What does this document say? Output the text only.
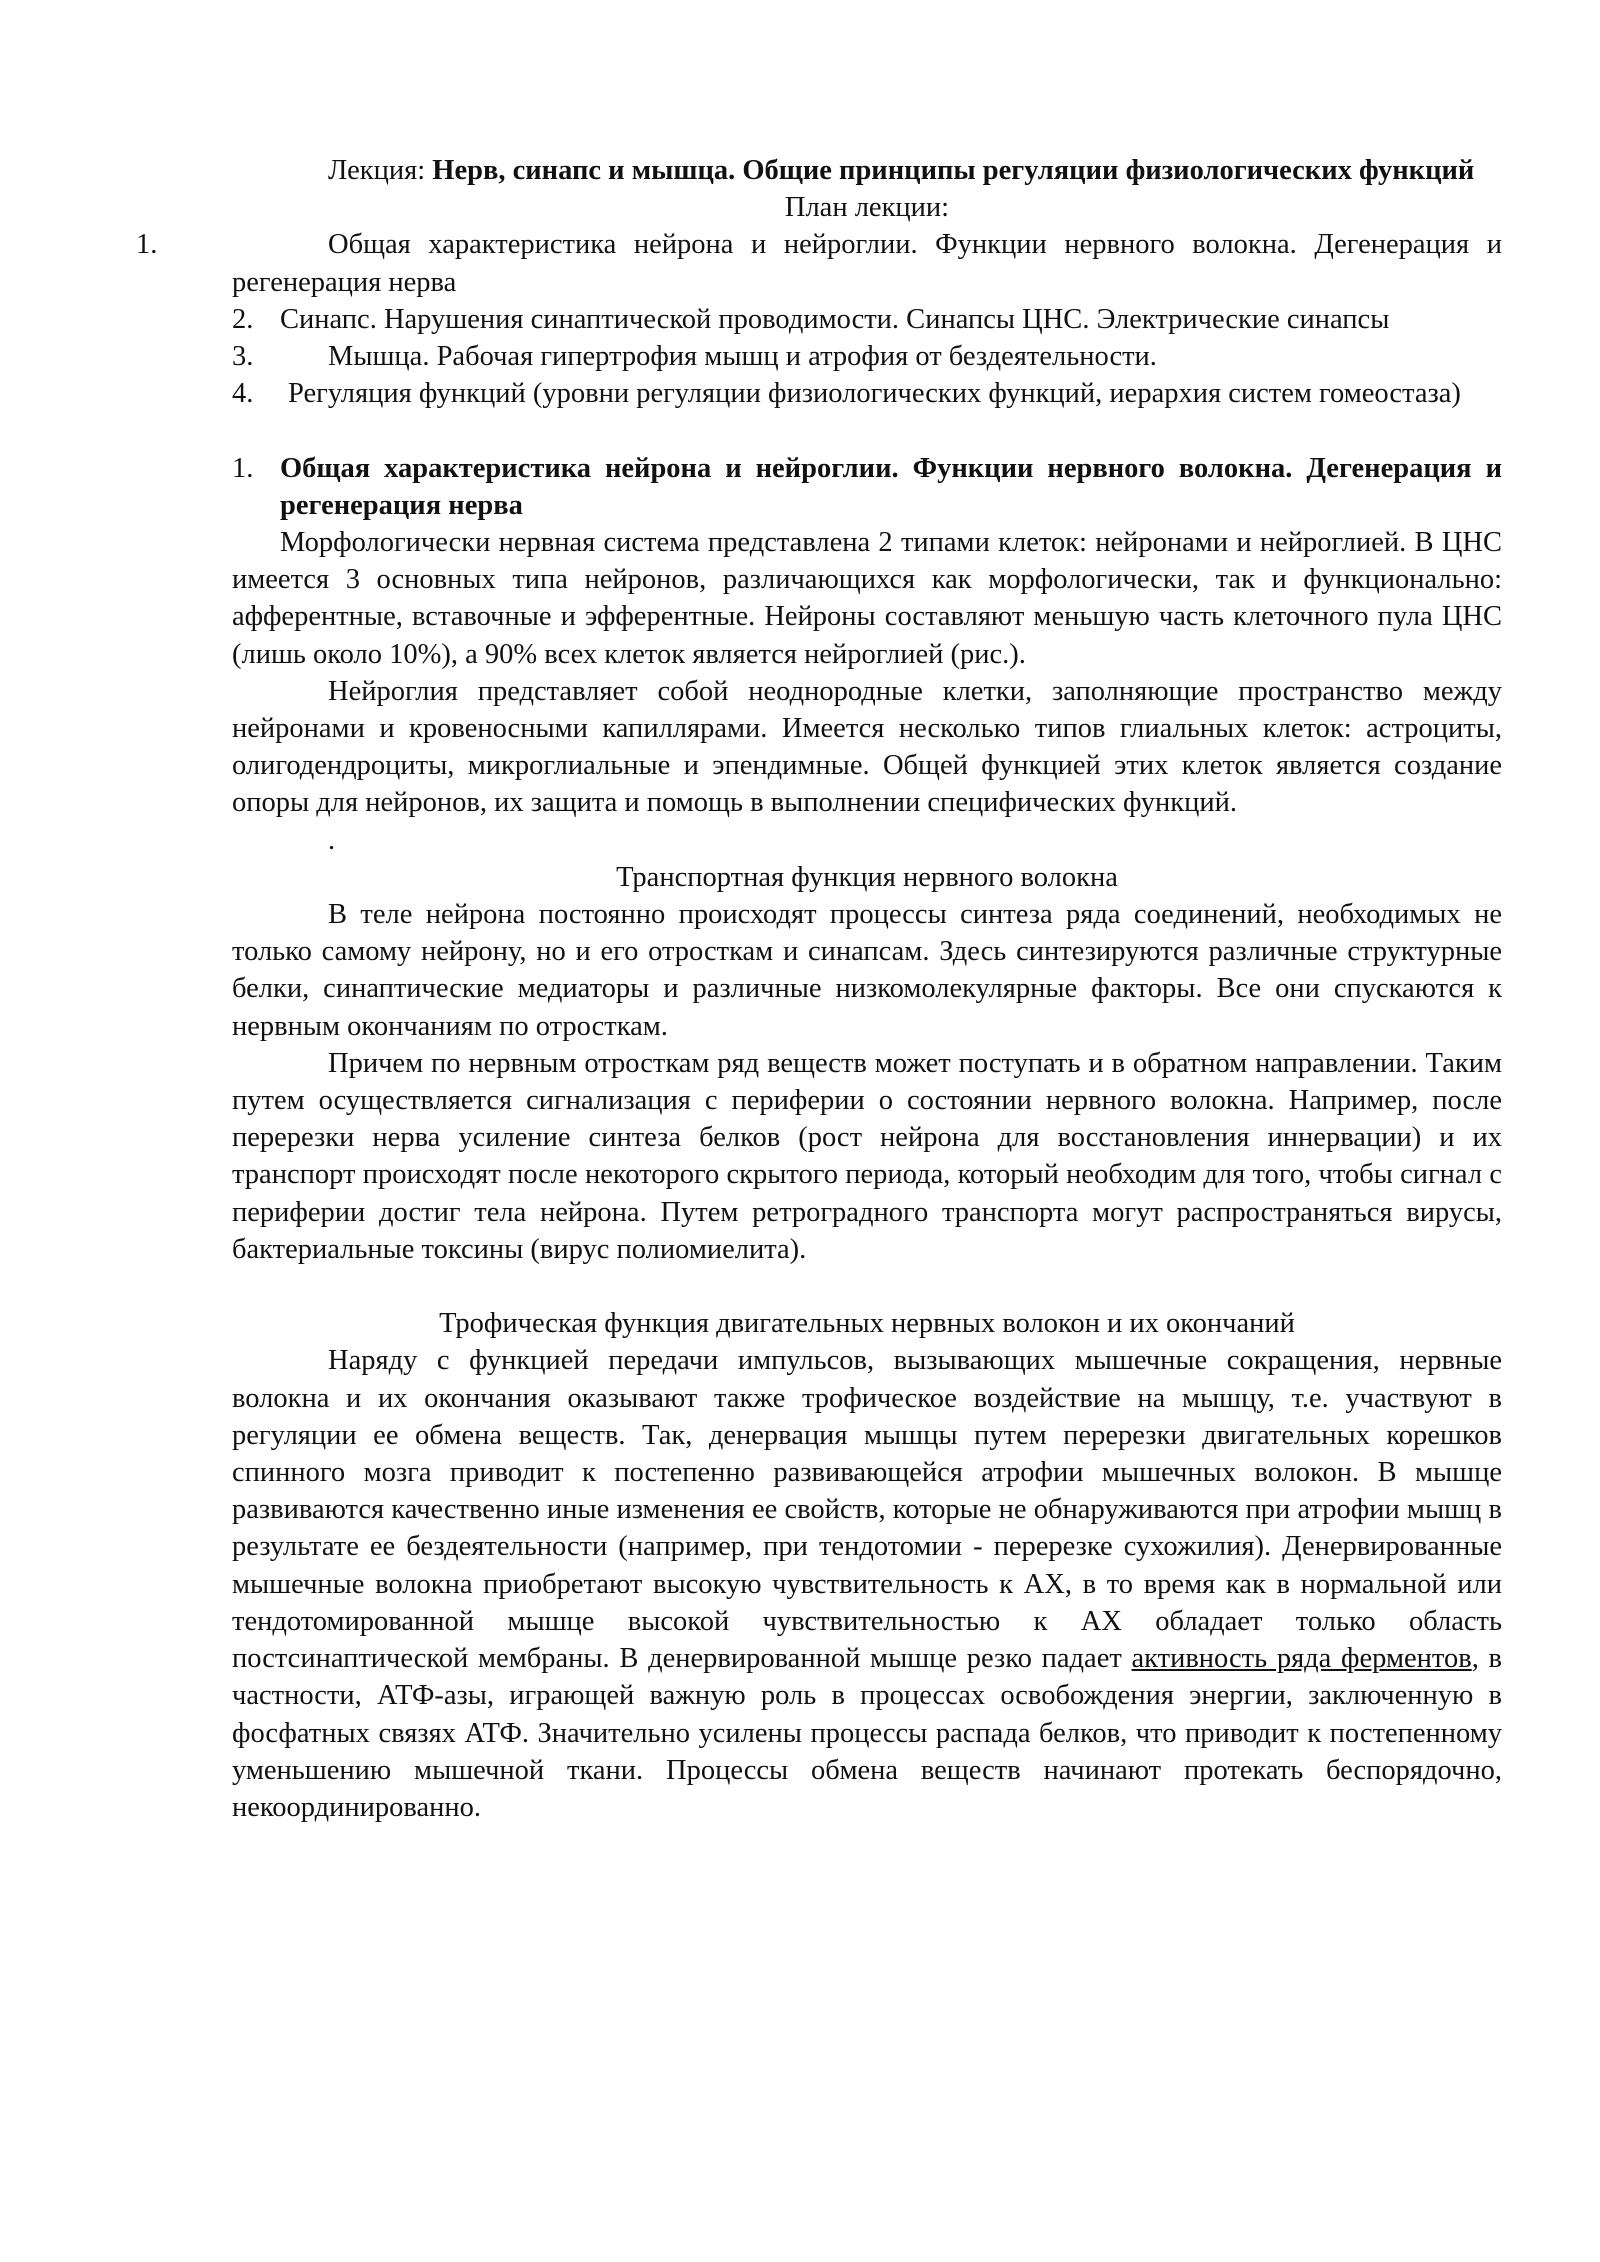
Лекция: Нерв, синапс и мышца. Общие принципы регуляции физиологических функций

План лекции:

1.	Общая характеристика нейрона и нейроглии. Функции нервного волокна. Дегенерация и регенерация нерва

2. Синапс. Нарушения синаптической проводимости. Синапсы ЦНС. Электрические синапсы

3.	Мышца. Рабочая гипертрофия мышц и атрофия от бездеятельности.

4. Регуляция функций (уровни регуляции физиологических функций, иерархия систем гомеостаза)

1. Общая характеристика нейрона и нейроглии. Функции нервного волокна. Дегенерация и регенерация нерва

Морфологически нервная система представлена 2 типами клеток: нейронами и нейроглией. В ЦНС имеется 3 основных типа нейронов, различающихся как морфологически, так и функционально: афферентные, вставочные и эфферентные. Нейроны составляют меньшую часть клеточного пула ЦНС (лишь около 10%), а 90% всех клеток является нейроглией (рис.).

Нейроглия представляет собой неоднородные клетки, заполняющие пространство между нейронами и кровеносными капиллярами. Имеется несколько типов глиальных клеток: астроциты, олигодендроциты, микроглиальные и эпендимные. Общей функцией этих клеток является создание опоры для нейронов, их защита и помощь в выполнении специфических функций.

.

Транспортная функция нервного волокна

В теле нейрона постоянно происходят процессы синтеза ряда соединений, необходимых не только самому нейрону, но и его отросткам и синапсам. Здесь синтезируются различные структурные белки, синаптические медиаторы и различные низкомолекулярные факторы. Все они спускаются к нервным окончаниям по отросткам.

Причем по нервным отросткам ряд веществ может поступать и в обратном направлении. Таким путем осуществляется сигнализация с периферии о состоянии нервного волокна. Например, после перерезки нерва усиление синтеза белков (рост нейрона для восстановления иннервации) и их транспорт происходят после некоторого скрытого периода, который необходим для того, чтобы сигнал с периферии достиг тела нейрона. Путем ретроградного транспорта могут распространяться вирусы, бактериальные токсины (вирус полиомиелита).

Трофическая функция двигательных нервных волокон и их окончаний

Наряду с функцией передачи импульсов, вызывающих мышечные сокращения, нервные волокна и их окончания оказывают также трофическое воздействие на мышцу, т.е. участвуют в регуляции ее обмена веществ. Так, денервация мышцы путем перерезки двигательных корешков спинного мозга приводит к постепенно развивающейся атрофии мышечных волокон. В мышце развиваются качественно иные изменения ее свойств, которые не обнаруживаются при атрофии мышц в результате ее бездеятельности (например, при тендотомии - перерезке сухожилия). Денервированные мышечные волокна приобретают высокую чувствительность к АХ, в то время как в нормальной или тендотомированной мышце высокой чувствительностью к АХ обладает только область постсинаптической мембраны. В денервированной мышце резко падает активность ряда ферментов, в частности, АТФ-азы, играющей важную роль в процессах освобождения энергии, заключенную в фосфатных связях АТФ. Значительно усилены процессы распада белков, что приводит к постепенному уменьшению мышечной ткани. Процессы обмена веществ начинают протекать беспорядочно, некоординированно.
